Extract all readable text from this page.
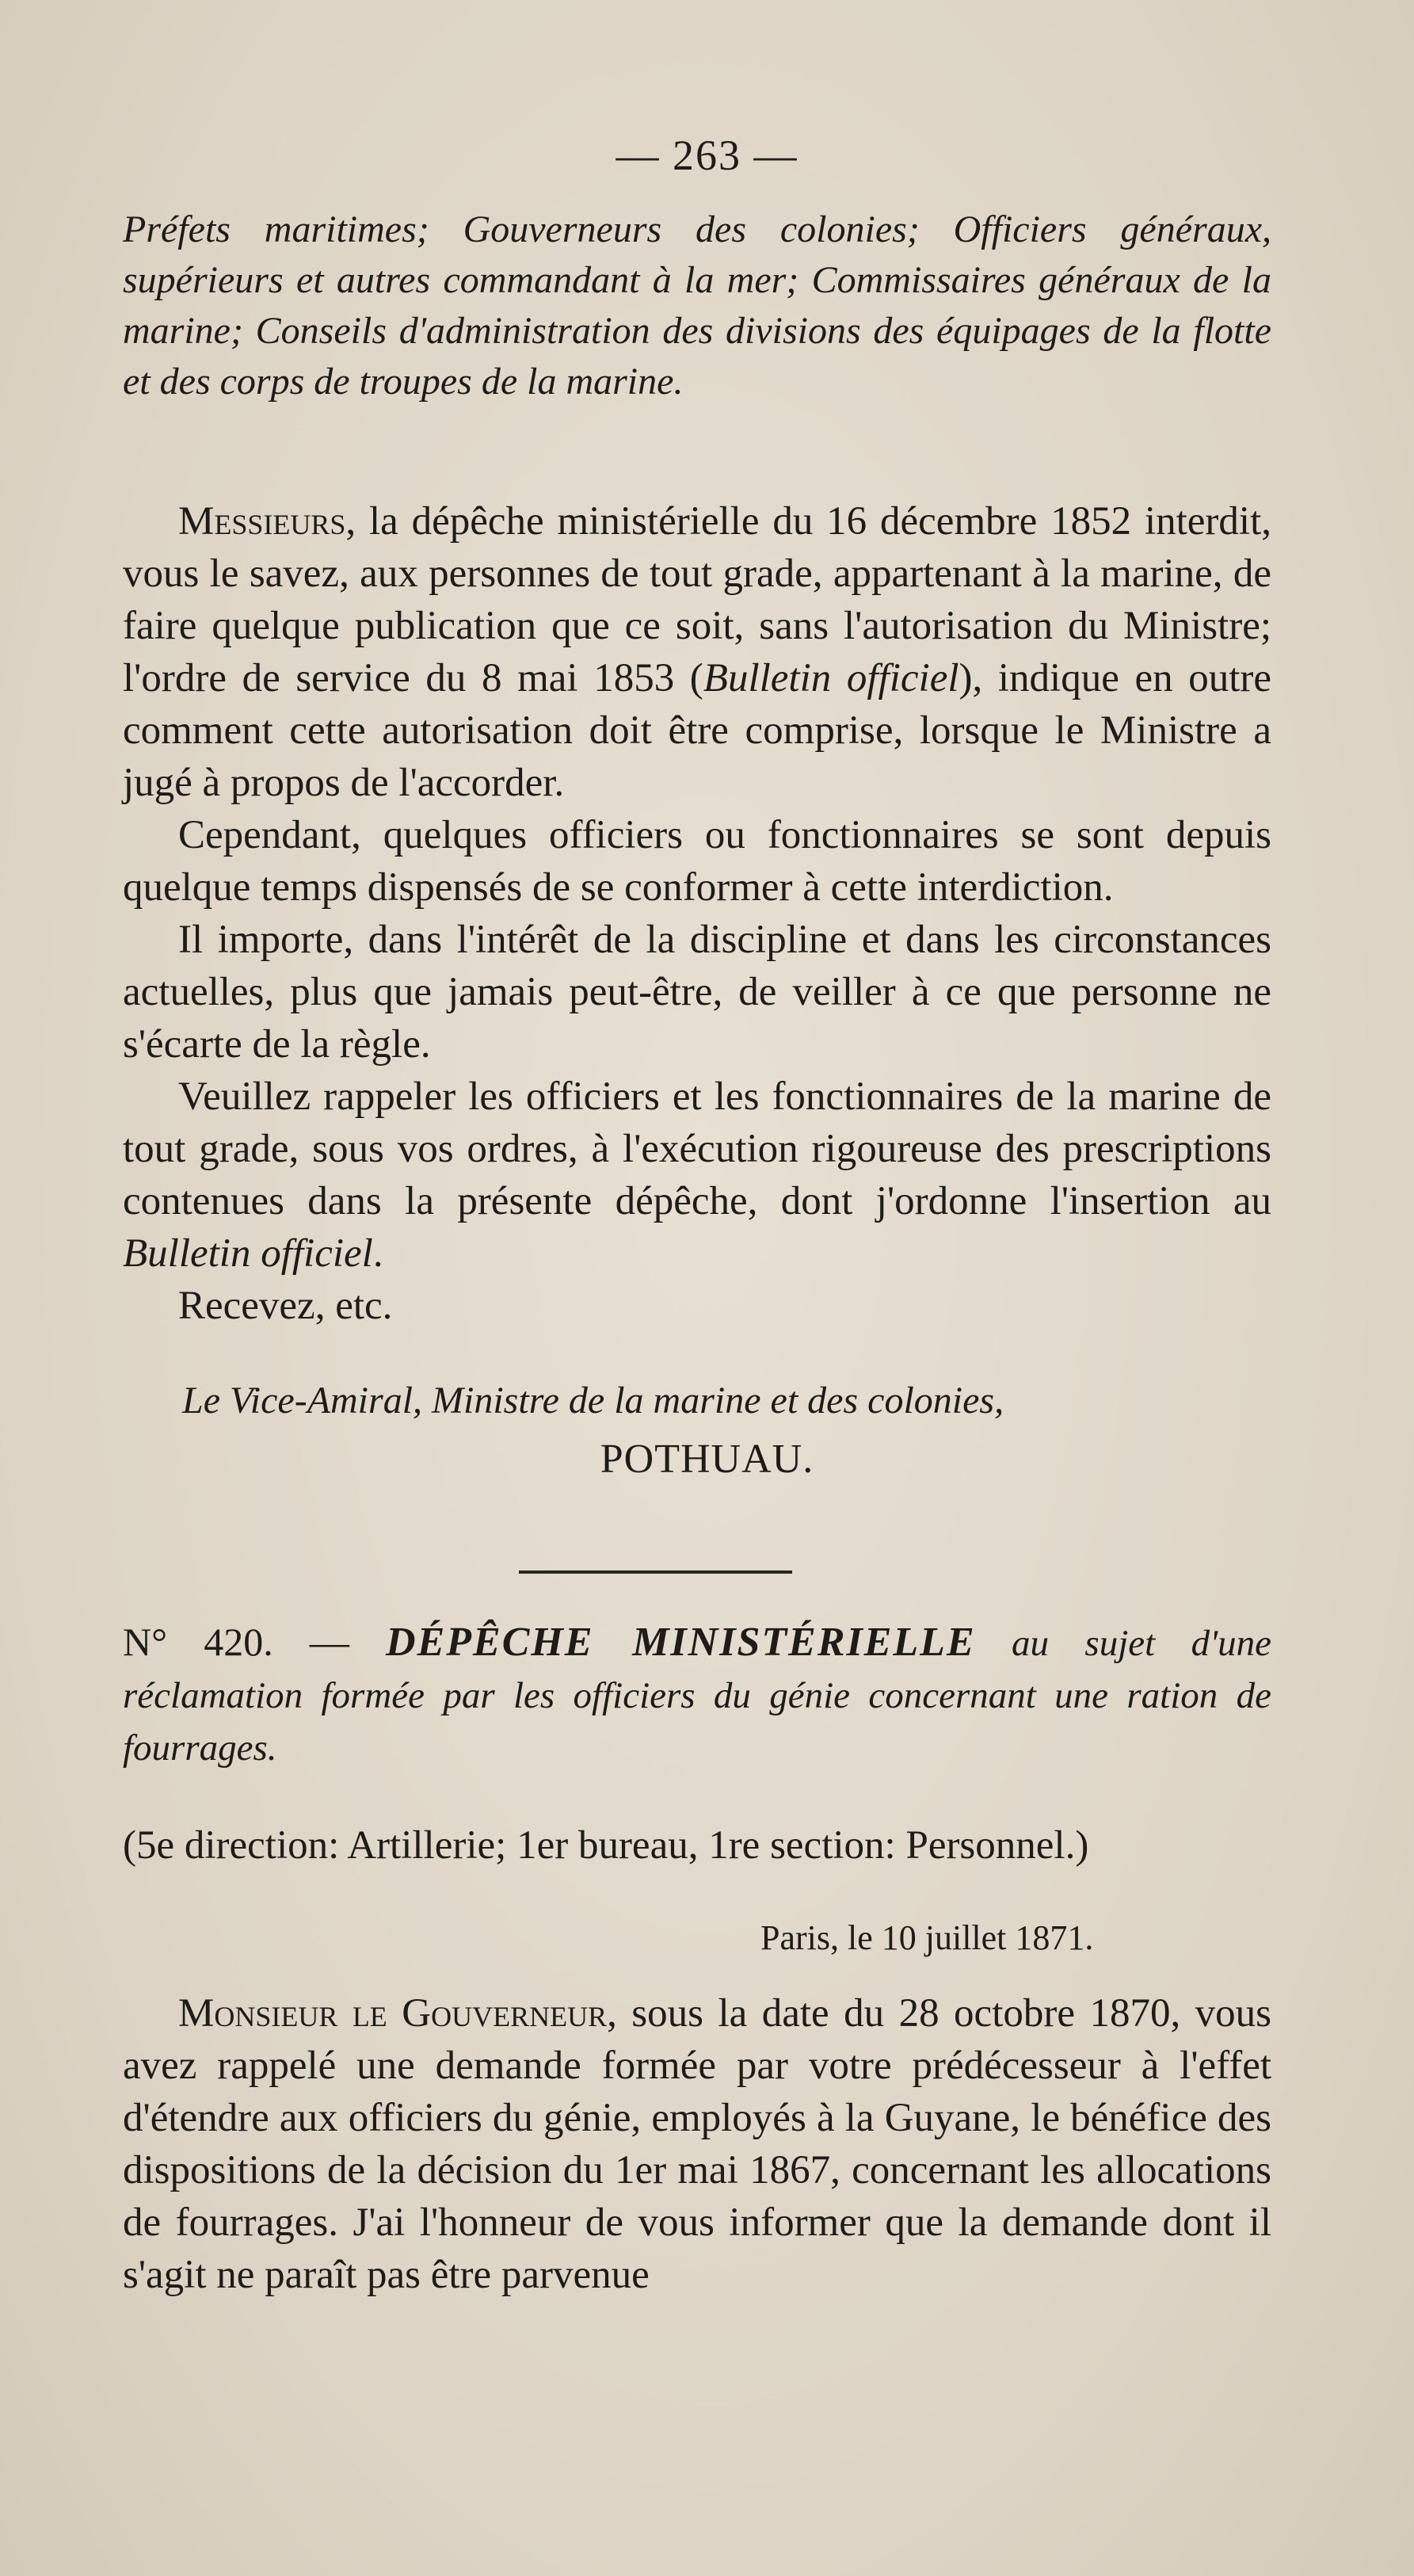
— 263 —
Préfets maritimes; Gouverneurs des colonies; Officiers généraux, supérieurs et autres commandant à la mer; Commissaires généraux de la marine; Conseils d'administration des divisions des équipages de la flotte et des corps de troupes de la marine.

Messieurs, la dépêche ministérielle du 16 décembre 1852 interdit, vous le savez, aux personnes de tout grade, appartenant à la marine, de faire quelque publication que ce soit, sans l'autorisation du Ministre; l'ordre de service du 8 mai 1853 (Bulletin officiel), indique en outre comment cette autorisation doit être comprise, lorsque le Ministre a jugé à propos de l'accorder.

Cependant, quelques officiers ou fonctionnaires se sont depuis quelque temps dispensés de se conformer à cette interdiction.

Il importe, dans l'intérêt de la discipline et dans les circonstances actuelles, plus que jamais peut-être, de veiller à ce que personne ne s'écarte de la règle.

Veuillez rappeler les officiers et les fonctionnaires de la marine de tout grade, sous vos ordres, à l'exécution rigoureuse des prescriptions contenues dans la présente dépêche, dont j'ordonne l'insertion au Bulletin officiel.

Recevez, etc.

Le Vice-Amiral, Ministre de la marine et des colonies,
POTHUAU.
N° 420. — DÉPÊCHE MINISTÉRIELLE au sujet d'une réclamation formée par les officiers du génie concernant une ration de fourrages.
(5e direction: Artillerie; 1er bureau, 1re section: Personnel.)
Paris, le 10 juillet 1871.

Monsieur le Gouverneur, sous la date du 28 octobre 1870, vous avez rappelé une demande formée par votre prédécesseur à l'effet d'étendre aux officiers du génie, employés à la Guyane, le bénéfice des dispositions de la décision du 1er mai 1867, concernant les allocations de fourrages. J'ai l'honneur de vous informer que la demande dont il s'agit ne paraît pas être parvenue
